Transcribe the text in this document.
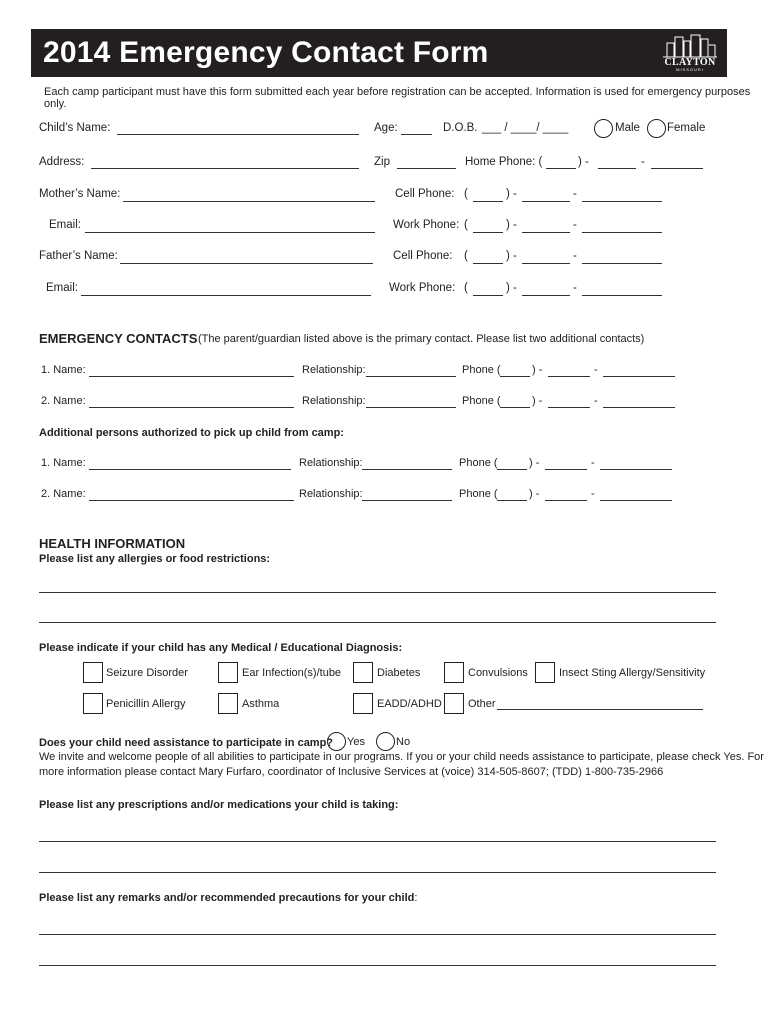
2014 Emergency Contact Form	CLAYTON
MISSOURI
Each camp participant must have this form submitted each year before registration can be accepted. Information is used for emergency purposes only.
Child’s Name:	Age:	D.O.B. ___ / ____/ ____	Male Female
Address:	Zip	Home Phone: (	) -	-
Mother’s Name:	Cell Phone: (	) -	-
Email:	Work Phone: (	) -	-
Father’s Name:	Cell Phone: (	) -	-
Email:	Work Phone: (	) -	-
EMERGENCY CONTACTS (The parent/guardian listed above is the primary contact. Please list two additional contacts)
1. Name:	Relationship:	Phone (	) -	-
2. Name:	Relationship:	Phone (	) -	-
Additional persons authorized to pick up child from camp:
1. Name:	Relationship:	Phone (	) -	-
2. Name:	Relationship:	Phone (	) -	-
HEALTH INFORMATION
Please list any allergies or food restrictions:
Please indicate if your child has any Medical / Educational Diagnosis:
Seizure Disorder	Ear Infection(s)/tube	Diabetes	Convulsions	Insect Sting Allergy/Sensitivity
Penicillin Allergy	Asthma	EADD/ADHD Other
Does your child need assistance to participate in camp? Yes	No
We invite and welcome people of all abilities to participate in our programs. If you or your child needs assistance to participate, please check Yes. For
more information please contact Mary Furfaro, coordinator of Inclusive Services at (voice) 314-505-8607; (TDD) 1-800-735-2966
Please list any prescriptions and/or medications your child is taking:
Please list any remarks and/or recommended precautions for your child:
